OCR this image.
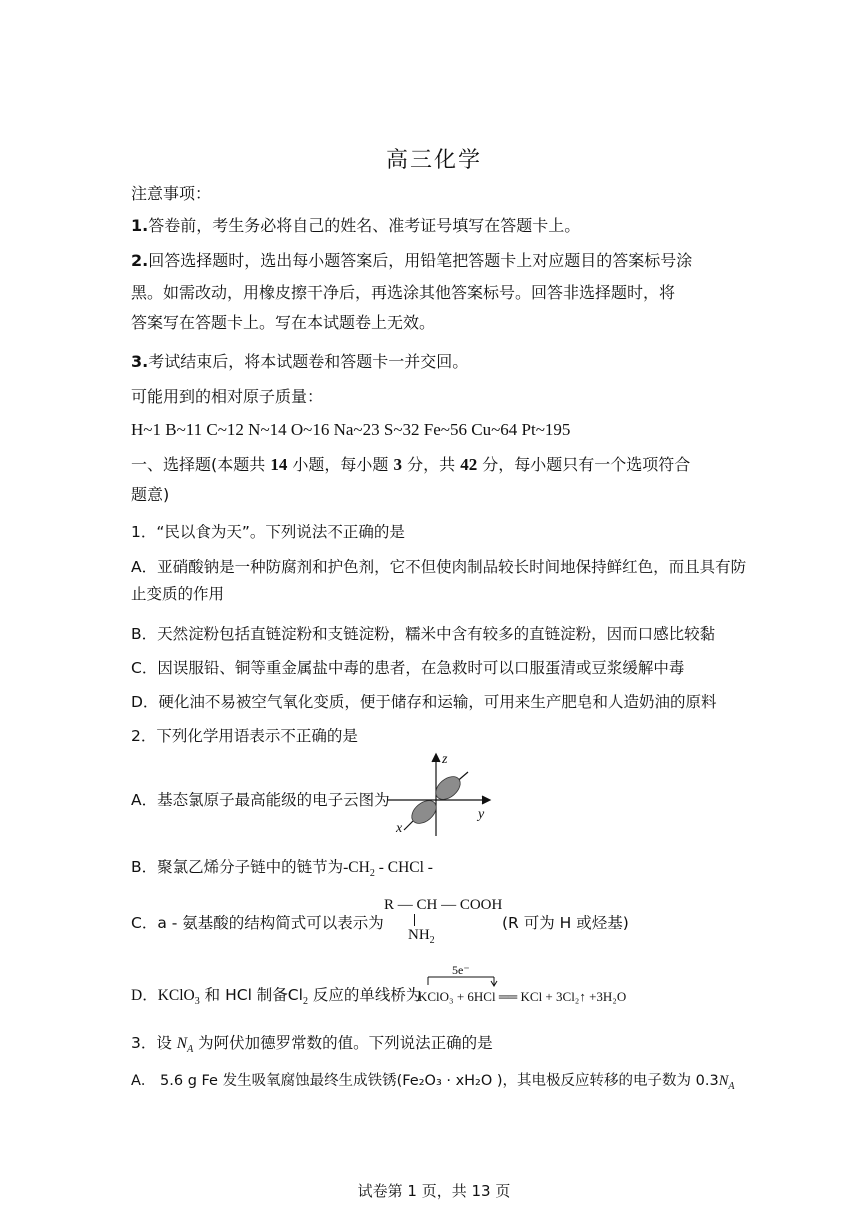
高三化学
注意事项：
1.答卷前，考生务必将自己的姓名、准考证号填写在答题卡上。
2.回答选择题时，选出每小题答案后，用铅笔把答题卡上对应题目的答案标号涂
黑。如需改动，用橡皮擦干净后，再选涂其他答案标号。回答非选择题时，将
答案写在答题卡上。写在本试题卷上无效。
3.考试结束后，将本试题卷和答题卡一并交回。
可能用到的相对原子质量：
H~1 B~11 C~12 N~14 O~16 Na~23 S~32 Fe~56 Cu~64 Pt~195
一、选择题(本题共 14 小题，每小题 3 分，共 42 分，每小题只有一个选项符合
题意)
1．“民以食为天”。下列说法不正确的是
A．亚硝酸钠是一种防腐剂和护色剂，它不但使肉制品较长时间地保持鲜红色，而且具有防
止变质的作用
B．天然淀粉包括直链淀粉和支链淀粉，糯米中含有较多的直链淀粉，因而口感比较黏
C．因误服铅、铜等重金属盐中毒的患者，在急救时可以口服蛋清或豆浆缓解中毒
D．硬化油不易被空气氧化变质，便于储存和运输，可用来生产肥皂和人造奶油的原料
2．下列化学用语表示不正确的是
A．基态氯原子最高能级的电子云图为
z
y
x
B．聚氯乙烯分子链中的链节为$-CH_2$ - CHCl -
C．a - 氨基酸的结构简式可以表示为
R — CH — COOH
$NH_2$
(R 可为 H 或烃基)
D．KClO$_3$ 和 HCl 制备$Cl_2$ 反应的单线桥为
5e⁻
KClO₃ + 6HCl ══ KCl + 3Cl₂↑ +3H₂O
3．设 $N_A$ 为阿伏加德罗常数的值。下列说法正确的是
A． 5.6 g Fe 发生吸氧腐蚀最终生成铁锈(Fe₂O₃ · xH₂O )，其电极反应转移的电子数为 $0.3N_A$
试卷第 1 页，共 13 页
